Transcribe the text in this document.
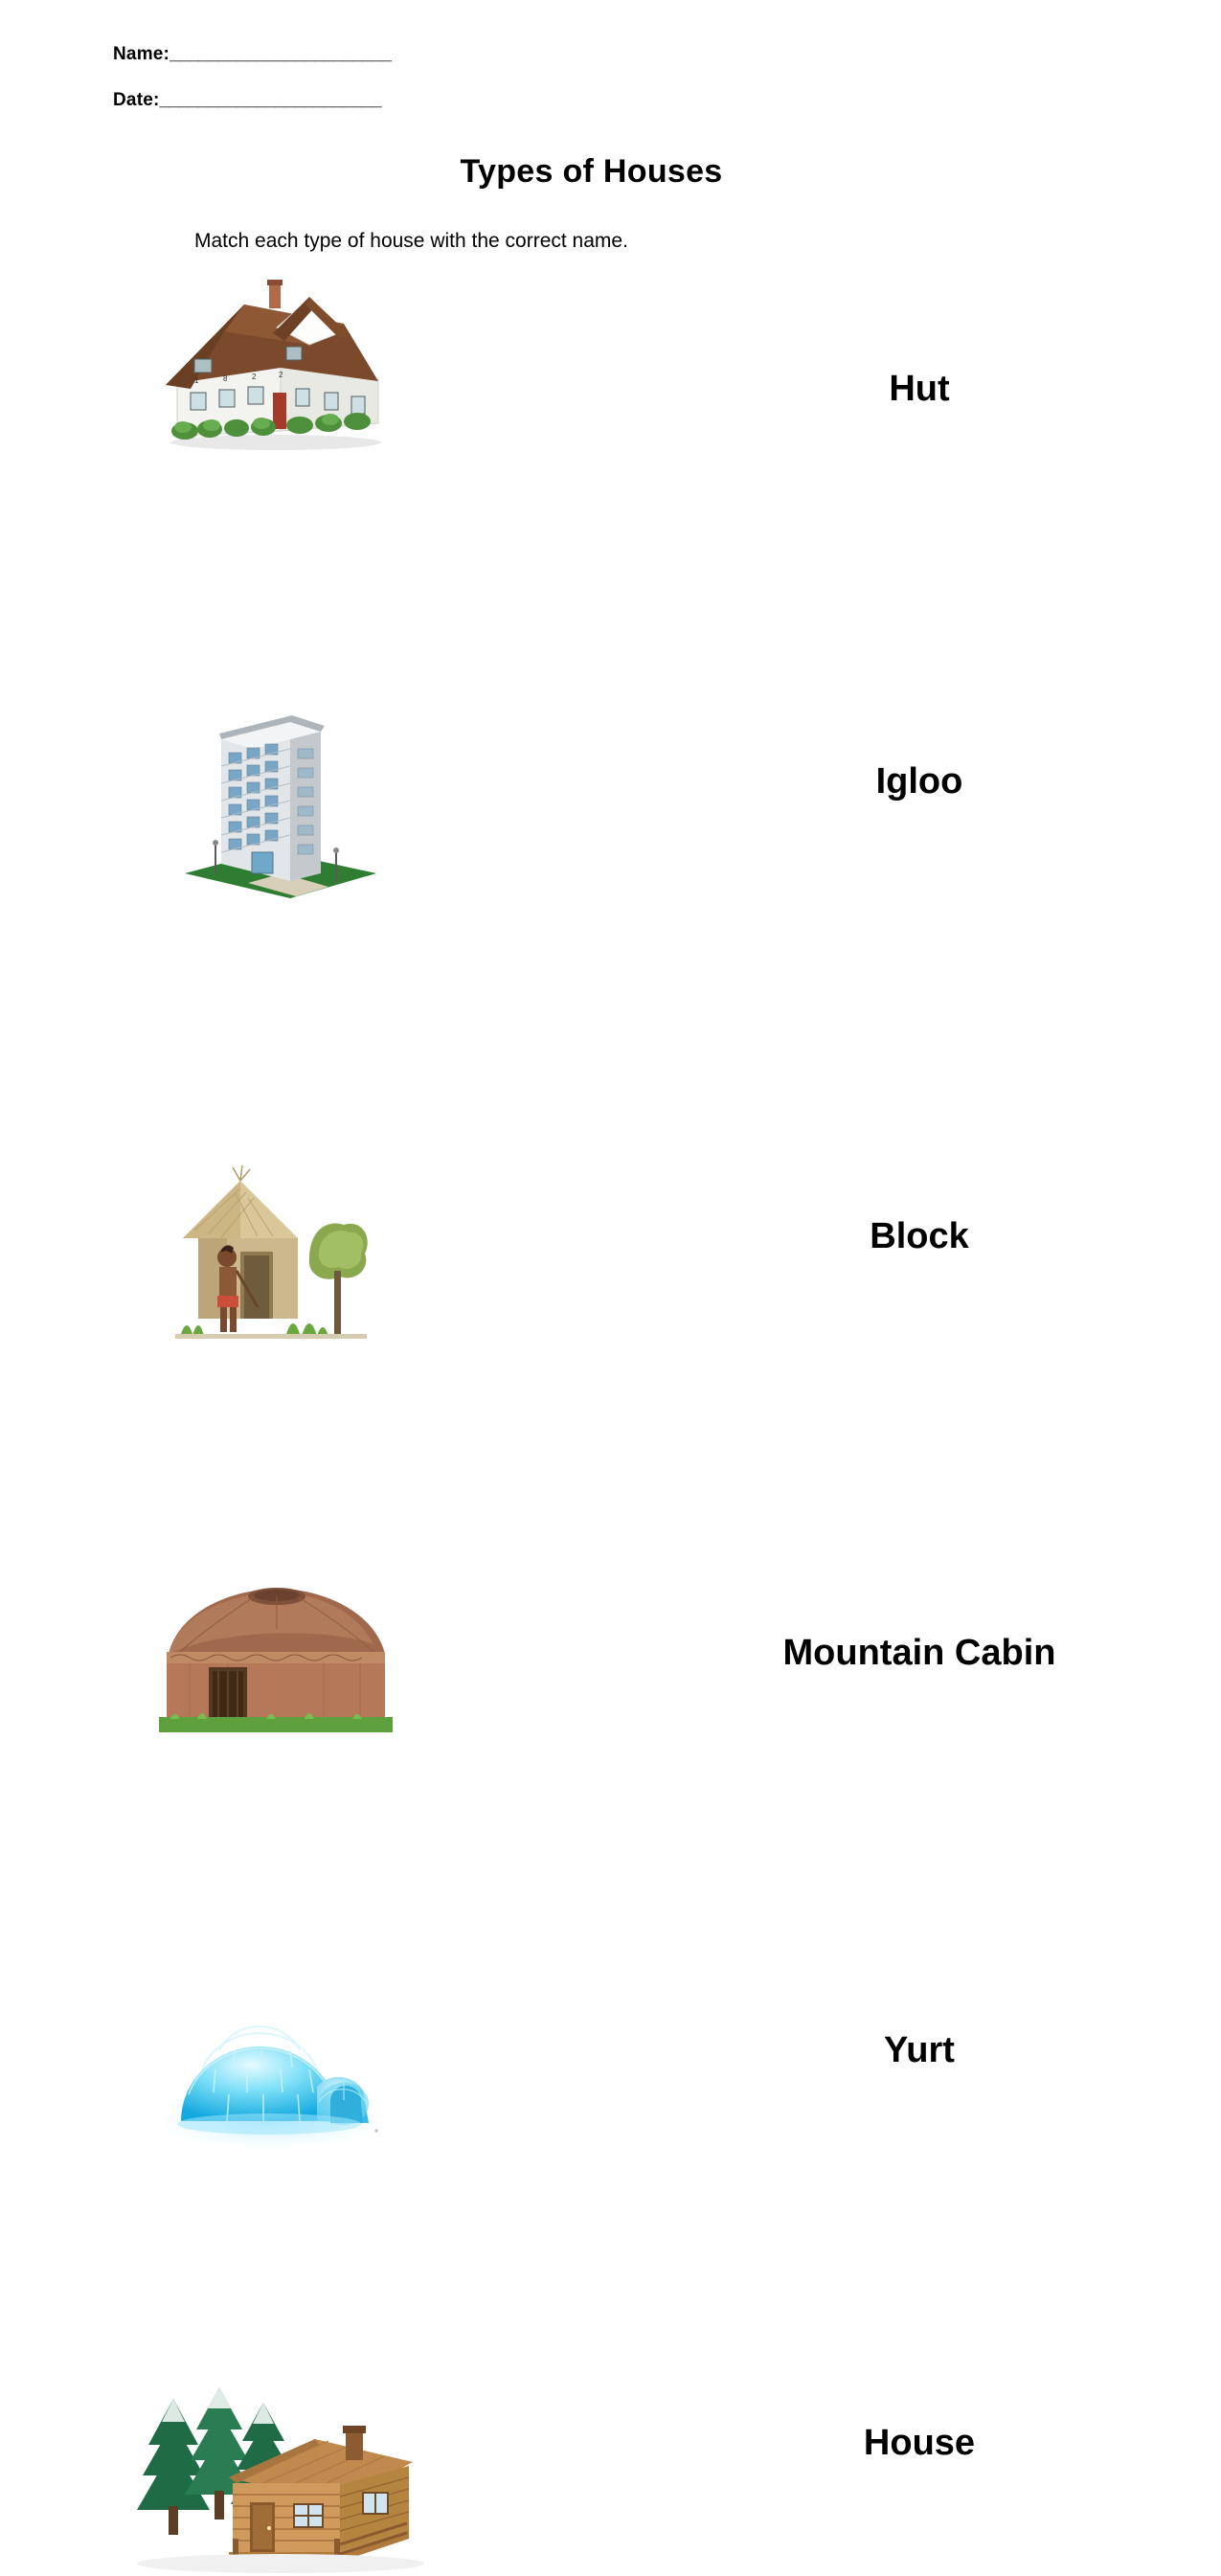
Name:_______________________
Date:_______________________
Types of Houses
Match each type of house with the correct name.
1	8	2	2	Hut
Igloo
Block
Mountain Cabin
Yurt
House
